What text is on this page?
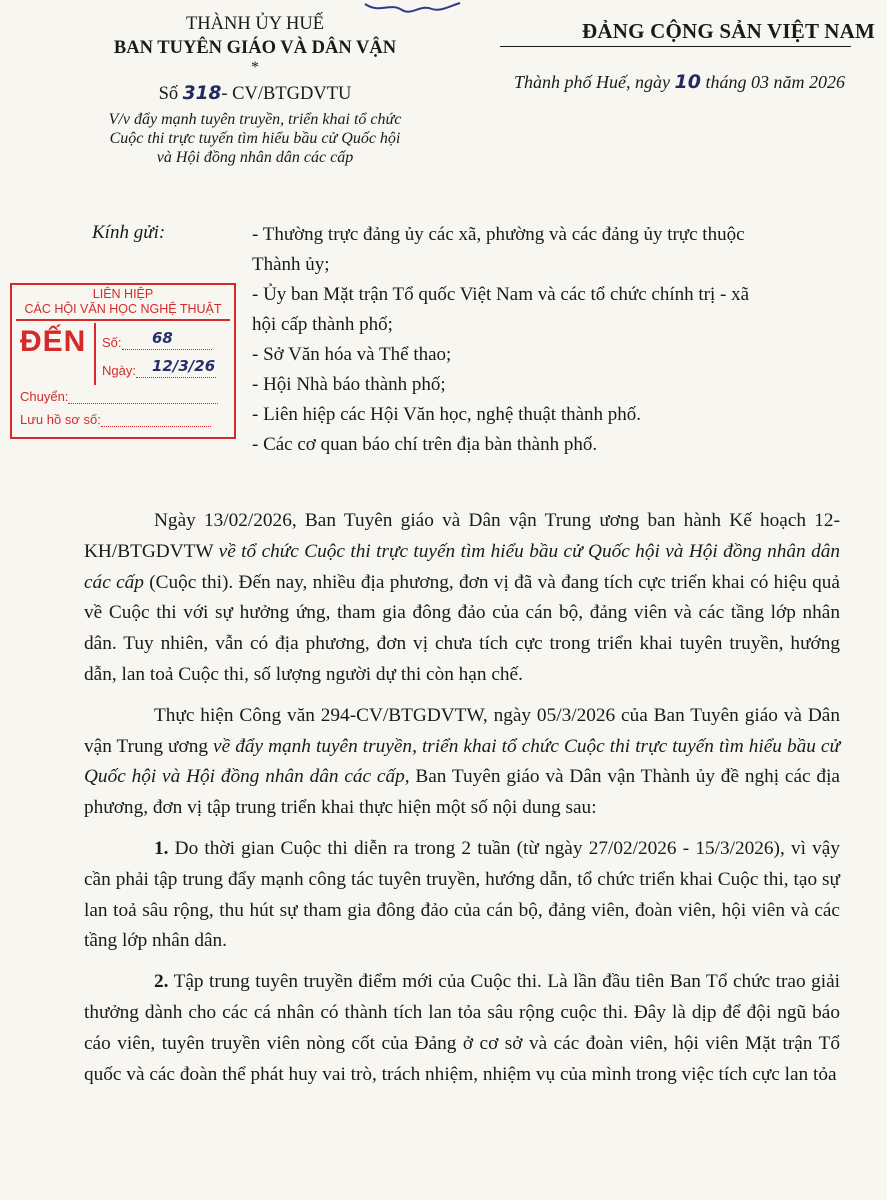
THÀNH ỦY HUẾ
BAN TUYÊN GIÁO VÀ DÂN VẬN
*
Số 318- CV/BTGDVTU
V/v đẩy mạnh tuyên truyền, triển khai tổ chức
Cuộc thi trực tuyến tìm hiểu bầu cử Quốc hội
và Hội đồng nhân dân các cấp
ĐẢNG CỘNG SẢN VIỆT NAM
Thành phố Huế, ngày 10 tháng 03 năm 2026
Kính gửi:	- Thường trực đảng ủy các xã, phường và các đảng ủy trực thuộc
Thành ủy;
- Ủy ban Mặt trận Tổ quốc Việt Nam và các tổ chức chính trị - xã
hội cấp thành phố;
- Sở Văn hóa và Thể thao;
- Hội Nhà báo thành phố;
- Liên hiệp các Hội Văn học, nghệ thuật thành phố.
- Các cơ quan báo chí trên địa bàn thành phố.
LIÊN HIỆP
CÁC HỘI VĂN HỌC NGHỆ THUẬT
ĐẾN Số:	68
Ngày:	12/3/26
Chuyển:
Lưu hồ sơ số:

Ngày 13/02/2026, Ban Tuyên giáo và Dân vận Trung ương ban hành Kế hoạch 12-KH/BTGDVTW về tổ chức Cuộc thi trực tuyến tìm hiểu bầu cử Quốc hội và Hội đồng nhân dân các cấp (Cuộc thi). Đến nay, nhiều địa phương, đơn vị đã và đang tích cực triển khai có hiệu quả về Cuộc thi với sự hưởng ứng, tham gia đông đảo của cán bộ, đảng viên và các tầng lớp nhân dân. Tuy nhiên, vẫn có địa phương, đơn vị chưa tích cực trong triển khai tuyên truyền, hướng dẫn, lan toả Cuộc thi, số lượng người dự thi còn hạn chế.

Thực hiện Công văn 294-CV/BTGDVTW, ngày 05/3/2026 của Ban Tuyên giáo và Dân vận Trung ương về đẩy mạnh tuyên truyền, triển khai tổ chức Cuộc thi trực tuyến tìm hiểu bầu cử Quốc hội và Hội đồng nhân dân các cấp, Ban Tuyên giáo và Dân vận Thành ủy đề nghị các địa phương, đơn vị tập trung triển khai thực hiện một số nội dung sau:

1. Do thời gian Cuộc thi diễn ra trong 2 tuần (từ ngày 27/02/2026 - 15/3/2026), vì vậy cần phải tập trung đẩy mạnh công tác tuyên truyền, hướng dẫn, tổ chức triển khai Cuộc thi, tạo sự lan toả sâu rộng, thu hút sự tham gia đông đảo của cán bộ, đảng viên, đoàn viên, hội viên và các tầng lớp nhân dân.

2. Tập trung tuyên truyền điểm mới của Cuộc thi. Là lần đầu tiên Ban Tổ chức trao giải thưởng dành cho các cá nhân có thành tích lan tỏa sâu rộng cuộc thi. Đây là dịp để đội ngũ báo cáo viên, tuyên truyền viên nòng cốt của Đảng ở cơ sở và các đoàn viên, hội viên Mặt trận Tổ quốc và các đoàn thể phát huy vai trò, trách nhiệm, nhiệm vụ của mình trong việc tích cực lan tỏa
